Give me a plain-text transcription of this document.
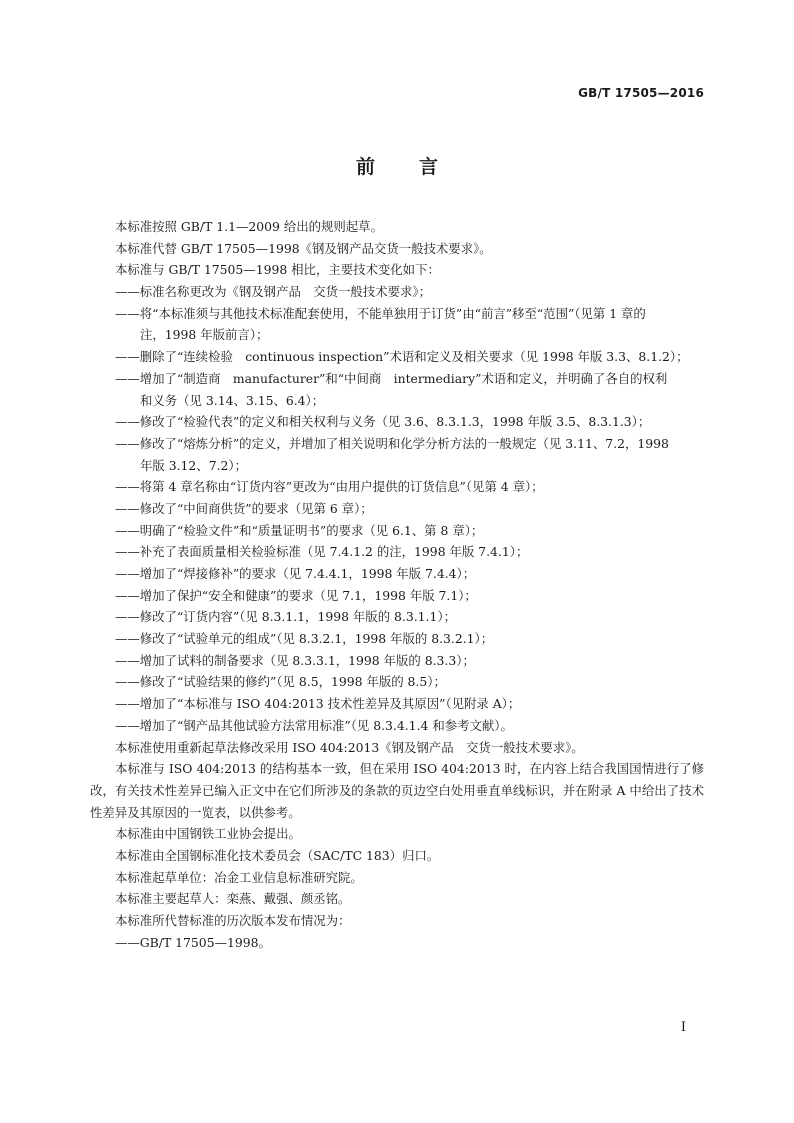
GB/T 17505—2016
前言
本标准按照 GB/T 1.1—2009 给出的规则起草。
本标准代替 GB/T 17505—1998《钢及钢产品交货一般技术要求》。
本标准与 GB/T 17505—1998 相比，主要技术变化如下：
——标准名称更改为《钢及钢产品　交货一般技术要求》；
——将“本标准须与其他技术标准配套使用，不能单独用于订货”由“前言”移至“范围”（见第 1 章的
注，1998 年版前言）；
——删除了“连续检验　continuous inspection”术语和定义及相关要求（见 1998 年版 3.3、8.1.2）；
——增加了“制造商　manufacturer”和“中间商　intermediary”术语和定义，并明确了各自的权利
和义务（见 3.14、3.15、6.4）；
——修改了“检验代表”的定义和相关权利与义务（见 3.6、8.3.1.3，1998 年版 3.5、8.3.1.3）；
——修改了“熔炼分析”的定义，并增加了相关说明和化学分析方法的一般规定（见 3.11、7.2，1998
年版 3.12、7.2）；
——将第 4 章名称由“订货内容”更改为“由用户提供的订货信息”（见第 4 章）；
——修改了“中间商供货”的要求（见第 6 章）；
——明确了“检验文件”和“质量证明书”的要求（见 6.1、第 8 章）；
——补充了表面质量相关检验标准（见 7.4.1.2 的注，1998 年版 7.4.1）；
——增加了“焊接修补”的要求（见 7.4.4.1，1998 年版 7.4.4）；
——增加了保护“安全和健康”的要求（见 7.1，1998 年版 7.1）；
——修改了“订货内容”（见 8.3.1.1，1998 年版的 8.3.1.1）；
——修改了“试验单元的组成”（见 8.3.2.1，1998 年版的 8.3.2.1）；
——增加了试料的制备要求（见 8.3.3.1，1998 年版的 8.3.3）；
——修改了“试验结果的修约”（见 8.5，1998 年版的 8.5）；
——增加了“本标准与 ISO 404:2013 技术性差异及其原因”（见附录 A）；
——增加了“钢产品其他试验方法常用标准”（见 8.3.4.1.4 和参考文献）。
本标准使用重新起草法修改采用 ISO 404:2013《钢及钢产品　交货一般技术要求》。
本标准与 ISO 404:2013 的结构基本一致，但在采用 ISO 404:2013 时，在内容上结合我国国情进行了修改，有关技术性差异已编入正文中在它们所涉及的条款的页边空白处用垂直单线标识，并在附录 A 中给出了技术性差异及其原因的一览表，以供参考。
本标准由中国钢铁工业协会提出。
本标准由全国钢标准化技术委员会（SAC/TC 183）归口。
本标准起草单位：冶金工业信息标准研究院。
本标准主要起草人：栾燕、戴强、颜丞铭。
本标准所代替标准的历次版本发布情况为：
——GB/T 17505—1998。
I
